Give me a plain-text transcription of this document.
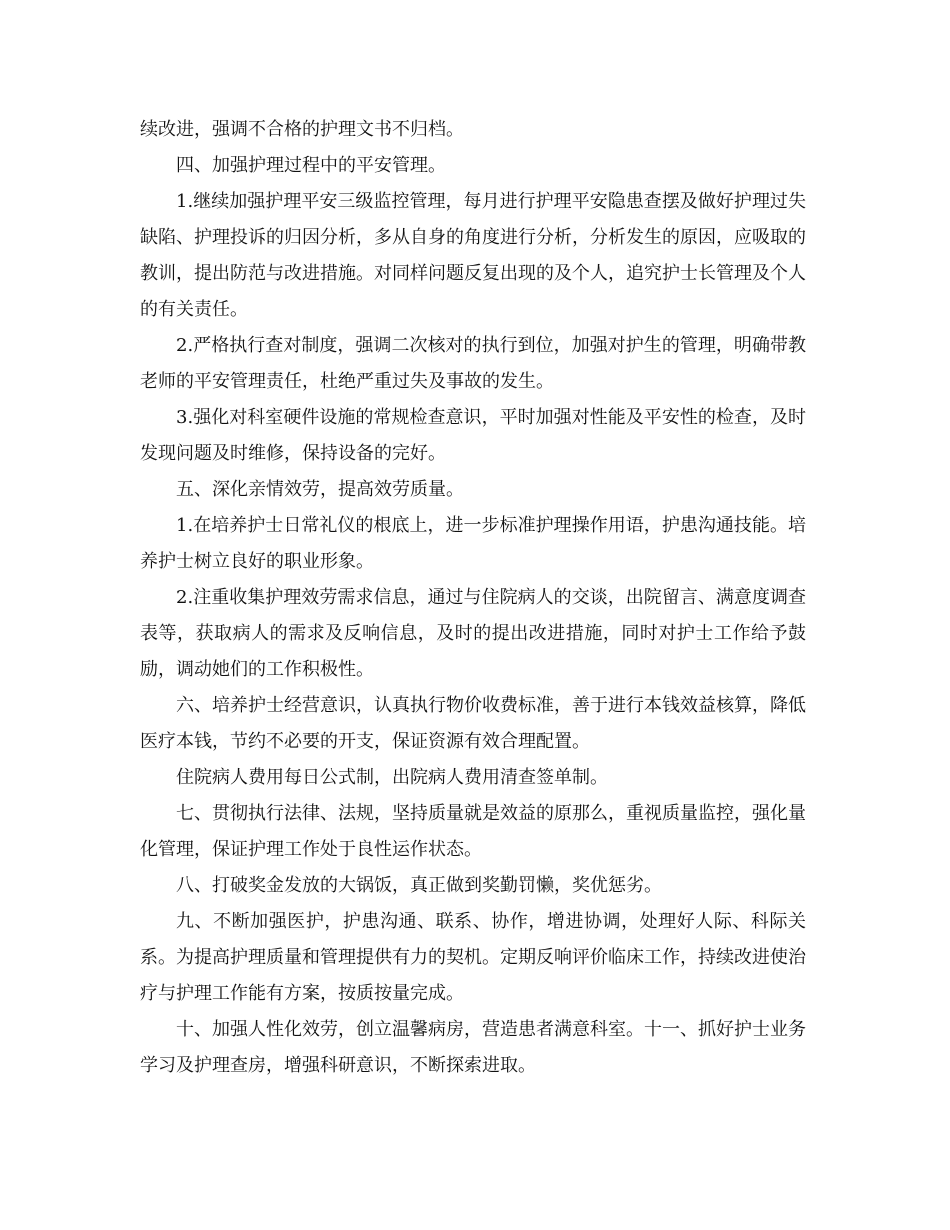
续改进，强调不合格的护理文书不归档。

四、加强护理过程中的平安管理。

1.继续加强护理平安三级监控管理，每月进行护理平安隐患查摆及做好护理过失缺陷、护理投诉的归因分析，多从自身的角度进行分析，分析发生的原因，应吸取的教训，提出防范与改进措施。对同样问题反复出现的及个人，追究护士长管理及个人的有关责任。

2.严格执行查对制度，强调二次核对的执行到位，加强对护生的管理，明确带教老师的平安管理责任，杜绝严重过失及事故的发生。

3.强化对科室硬件设施的常规检查意识，平时加强对性能及平安性的检查，及时发现问题及时维修，保持设备的完好。

五、深化亲情效劳，提高效劳质量。

1.在培养护士日常礼仪的根底上，进一步标准护理操作用语，护患沟通技能。培养护士树立良好的职业形象。

2.注重收集护理效劳需求信息，通过与住院病人的交谈，出院留言、满意度调查表等，获取病人的需求及反响信息，及时的提出改进措施，同时对护士工作给予鼓励，调动她们的工作积极性。

六、培养护士经营意识，认真执行物价收费标准，善于进行本钱效益核算，降低医疗本钱，节约不必要的开支，保证资源有效合理配置。

住院病人费用每日公式制，出院病人费用清查签单制。

七、贯彻执行法律、法规，坚持质量就是效益的原那么，重视质量监控，强化量化管理，保证护理工作处于良性运作状态。

八、打破奖金发放的大锅饭，真正做到奖勤罚懒，奖优惩劣。

九、不断加强医护，护患沟通、联系、协作，增进协调，处理好人际、科际关系。为提高护理质量和管理提供有力的契机。定期反响评价临床工作，持续改进使治疗与护理工作能有方案，按质按量完成。

十、加强人性化效劳，创立温馨病房，营造患者满意科室。十一、抓好护士业务学习及护理查房，增强科研意识，不断探索进取。
